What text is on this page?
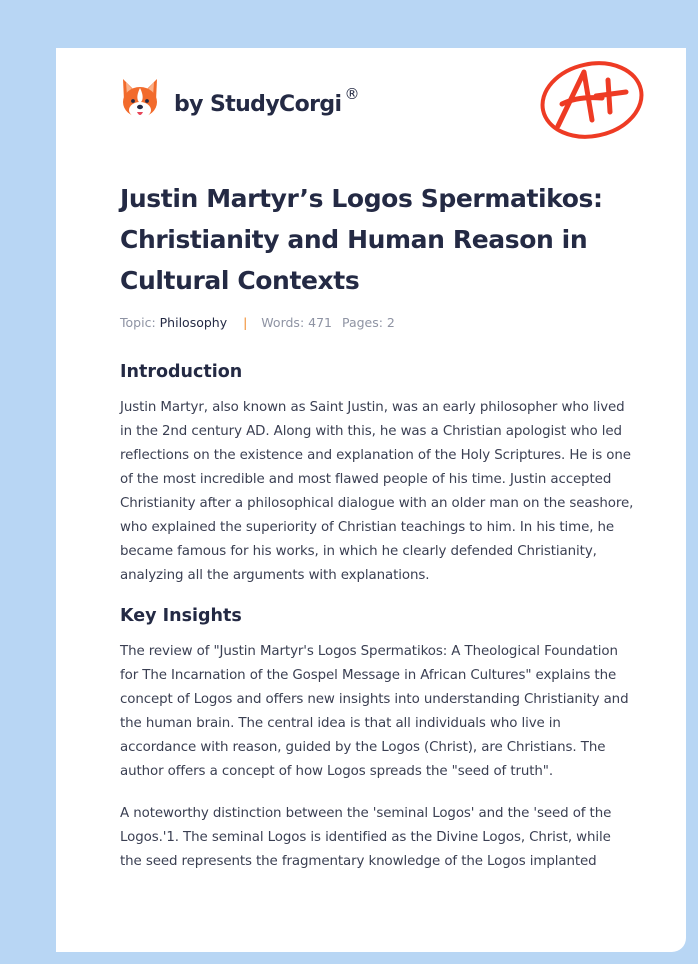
by StudyCorgi ®
Justin Martyr’s Logos Spermatikos: Christianity and Human Reason in Cultural Contexts
Topic: Philosophy | Words: 471 Pages: 2
Introduction

Justin Martyr, also known as Saint Justin, was an early philosopher who lived in the 2nd century AD. Along with this, he was a Christian apologist who led reflections on the existence and explanation of the Holy Scriptures. He is one of the most incredible and most flawed people of his time. Justin accepted Christianity after a philosophical dialogue with an older man on the seashore, who explained the superiority of Christian teachings to him. In his time, he became famous for his works, in which he clearly defended Christianity, analyzing all the arguments with explanations.

Key Insights

The review of "Justin Martyr's Logos Spermatikos: A Theological Foundation for The Incarnation of the Gospel Message in African Cultures" explains the concept of Logos and offers new insights into understanding Christianity and the human brain. The central idea is that all individuals who live in accordance with reason, guided by the Logos (Christ), are Christians. The author offers a concept of how Logos spreads the "seed of truth".

A noteworthy distinction between the 'seminal Logos' and the 'seed of the Logos.'1. The seminal Logos is identified as the Divine Logos, Christ, while the seed represents the fragmentary knowledge of the Logos implanted
